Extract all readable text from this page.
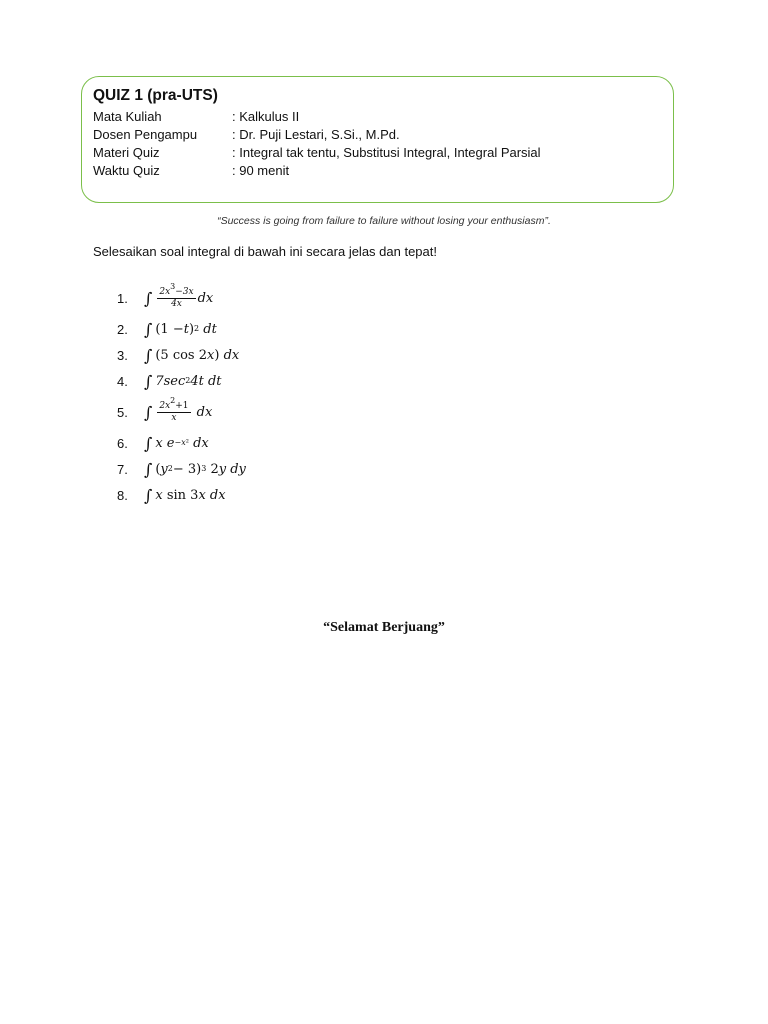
QUIZ 1 (pra-UTS)
Mata Kuliah	: Kalkulus II
Dosen Pengampu	: Dr. Puji Lestari, S.Si., M.Pd.
Materi Quiz	: Integral tak tentu, Substitusi Integral, Integral Parsial
Waktu Quiz	: 90 menit
“Success is going from failure to failure without losing your enthusiasm”.
Selesaikan soal integral di bawah ini secara jelas dan tepat!
1.	∫ $\frac{2x^3-3x}{4x}$ dx
2.	∫ (1 − t ) 2
dt
3.	∫ (5 cos 2 x ) dx
4.	∫ 7sec 2 4t dt
5.	∫ $\frac{2x^2+1}{x}$
dx
6.	∫ x e −x²
dx
7.	∫ ( y 2 − 3) 3 2 y dy
8.	∫ x sin 3 x dx
“Selamat Berjuang”
